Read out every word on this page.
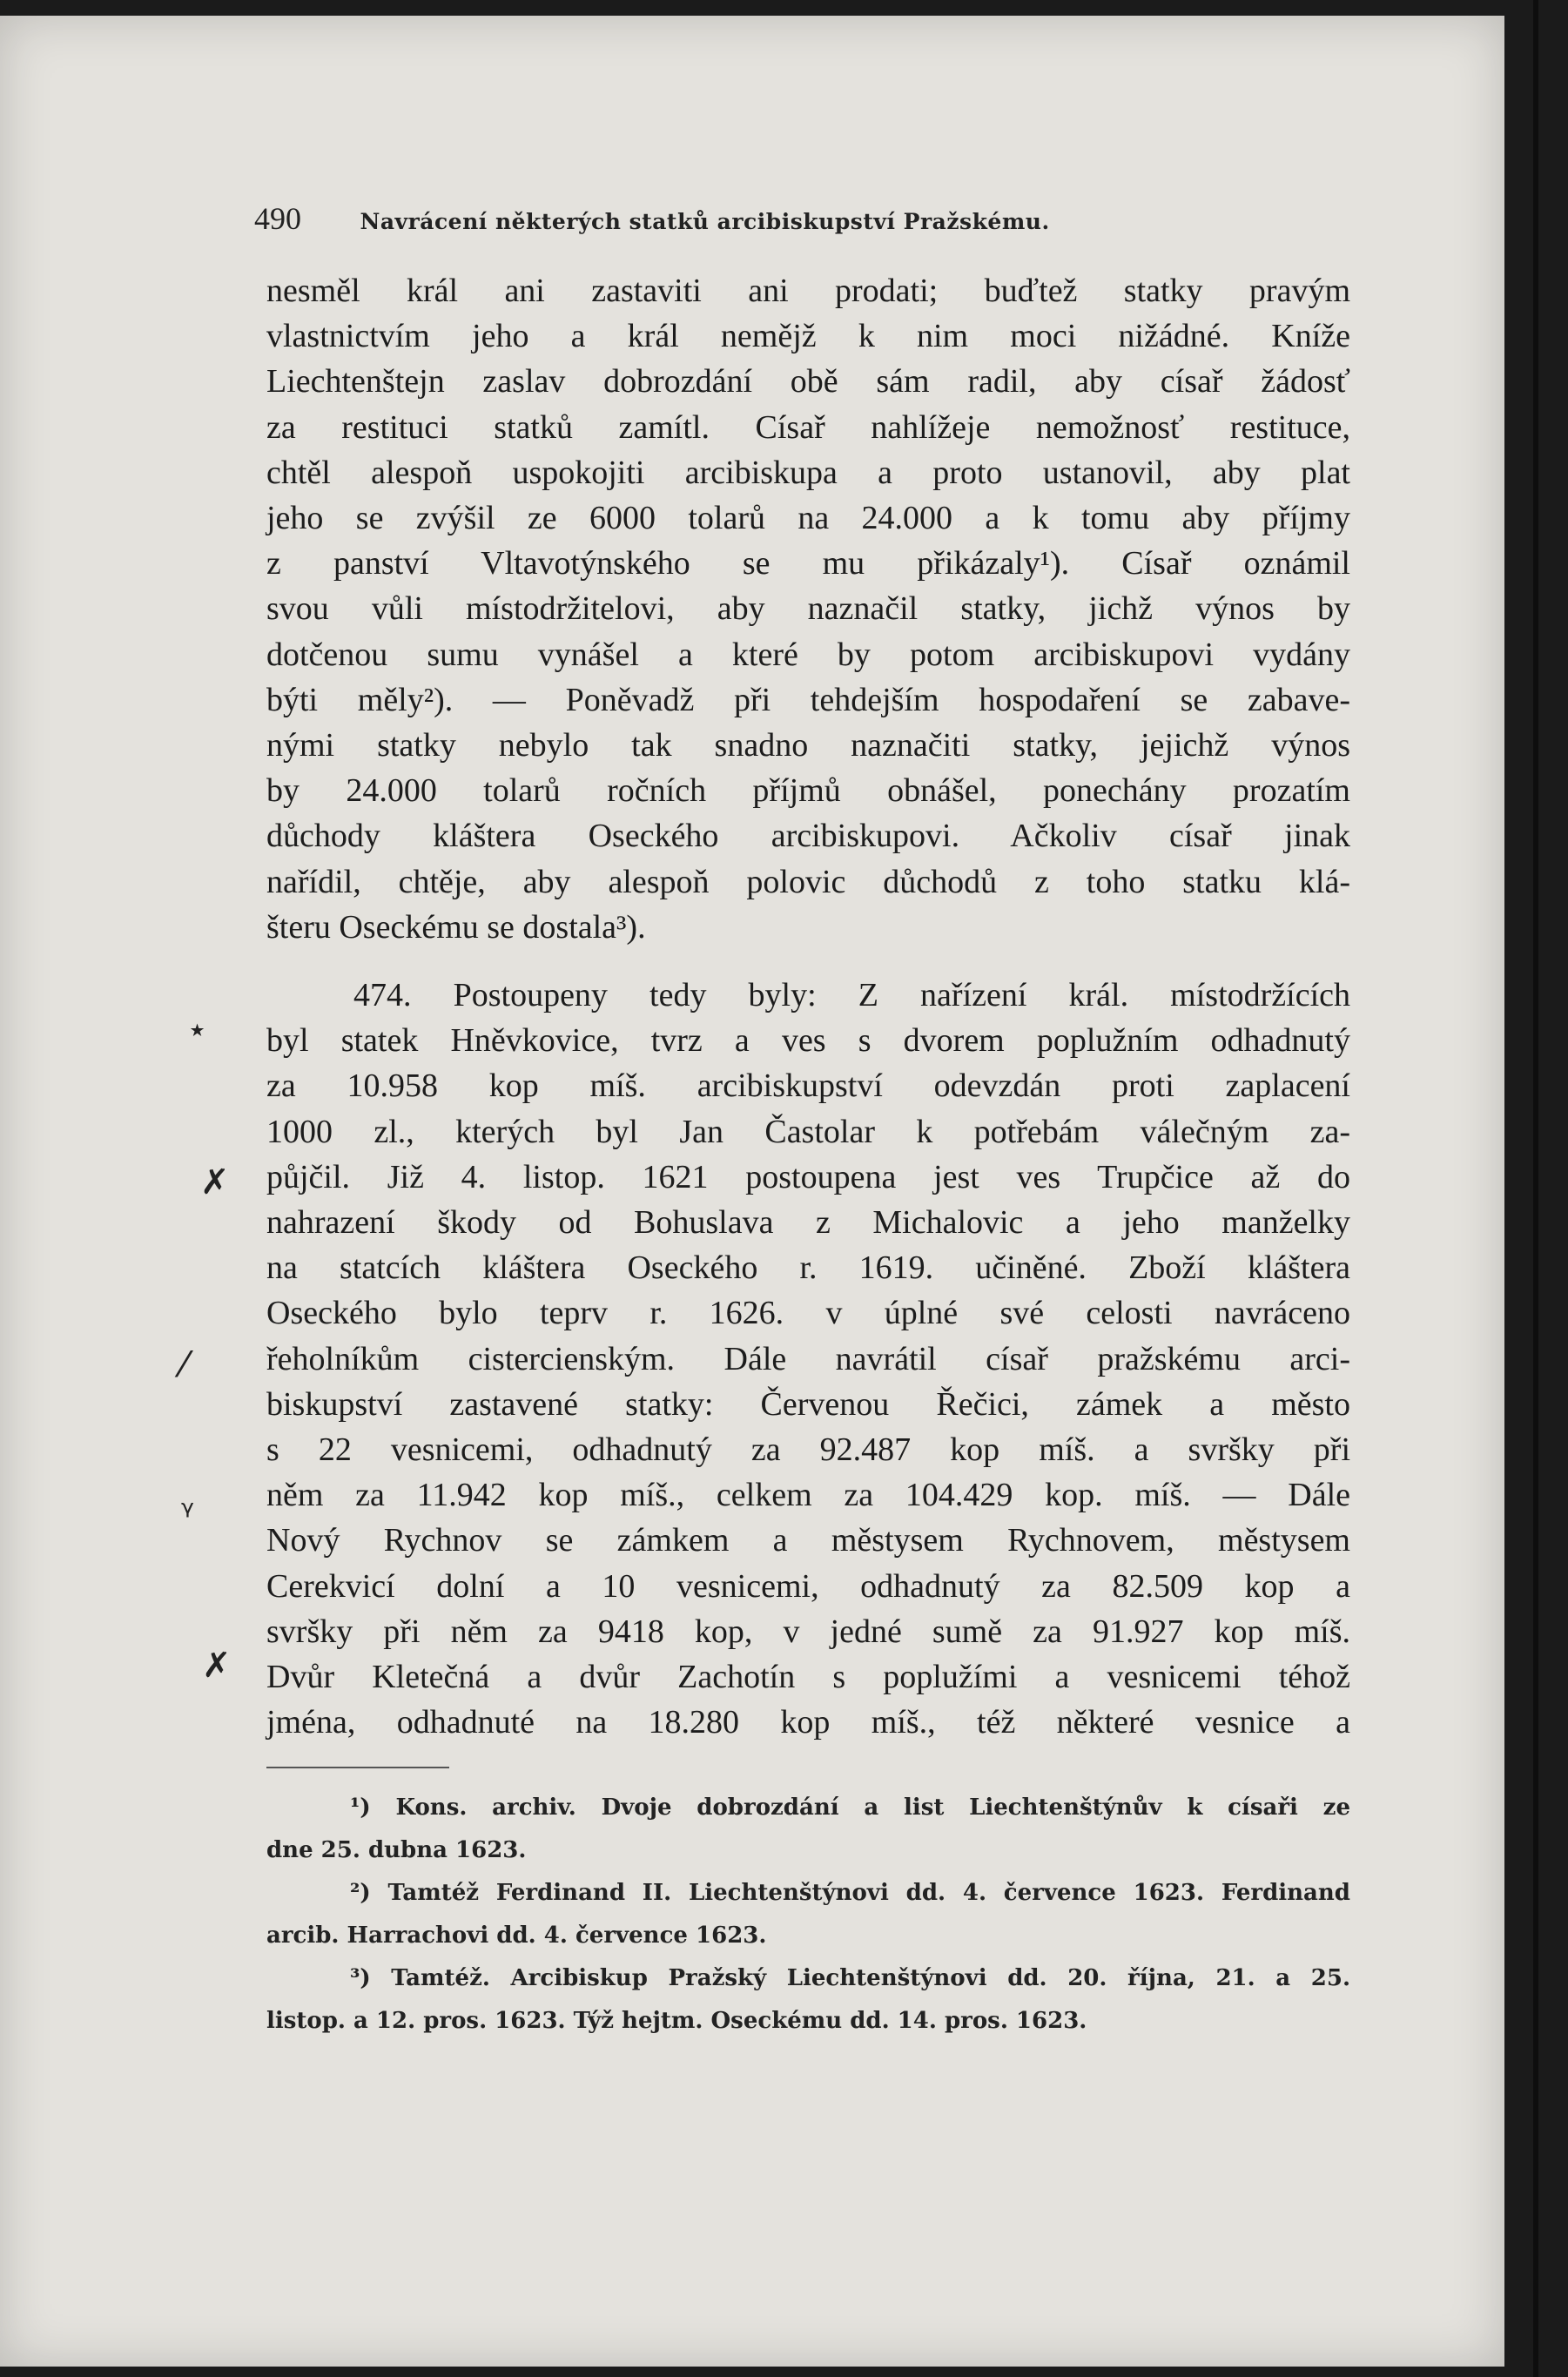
490	Navrácení některých statků arcibiskupství Pražskému.
nesměl král ani zastaviti ani prodati; buďtež statky pravým
vlastnictvím jeho a král nemějž k nim moci nižádné. Kníže
Liechtenštejn zaslav dobrozdání obě sám radil, aby císař žádosť
za restituci statků zamítl. Císař nahlížeje nemožnosť restituce,
chtěl alespoň uspokojiti arcibiskupa a proto ustanovil, aby plat
jeho se zvýšil ze 6000 tolarů na 24.000 a k tomu aby příjmy
z panství Vltavotýnského se mu přikázaly¹). Císař oznámil
svou vůli místodržitelovi, aby naznačil statky, jichž výnos by
dotčenou sumu vynášel a které by potom arcibiskupovi vydány
býti měly²). — Poněvadž při tehdejším hospodaření se zabave-
nými statky nebylo tak snadno naznačiti statky, jejichž výnos
by 24.000 tolarů ročních příjmů obnášel, ponechány prozatím
důchody kláštera Oseckého arcibiskupovi. Ačkoliv císař jinak
nařídil, chtěje, aby alespoň polovic důchodů z toho statku klá-
šteru Oseckému se dostala³).
474. Postoupeny tedy byly: Z nařízení král. místodržících
byl statek Hněvkovice, tvrz a ves s dvorem poplužním odhadnutý
za 10.958 kop míš. arcibiskupství odevzdán proti zaplacení
1000 zl., kterých byl Jan Častolar k potřebám válečným za-
půjčil. Již 4. listop. 1621 postoupena jest ves Trupčice až do
nahrazení škody od Bohuslava z Michalovic a jeho manželky
na statcích kláštera Oseckého r. 1619. učiněné. Zboží kláštera
Oseckého bylo teprv r. 1626. v úplné své celosti navráceno
řeholníkům cisterciensk‎ým. Dále navrátil císař pražskému arci-
biskupství zastavené statky: Červenou Řečici, zámek a město
s 22 vesnicemi, odhadnutý za 92.487 kop míš. a svršky při
něm za 11.942 kop míš., celkem za 104.429 kop. míš. — Dále
Nový Rychnov se zámkem a městysem Rychnovem, městysem
Cerekvicí dolní a 10 vesnicemi, odhadnutý za 82.509 kop a
svršky při něm za 9418 kop, v jedné sumě za 91.927 kop míš.
Dvůr Kletečná a dvůr Zachotín s poplužími a vesnicemi téhož
jména, odhadnuté na 18.280 kop míš., též některé vesnice a
⋆
✗
⁄
ᵞ
✗
¹) Kons. archiv. Dvoje dobrozdání a list Liechtenštýnův k císaři ze
dne 25. dubna 1623.
²) Tamtéž Ferdinand II. Liechtenštýnovi dd. 4. července 1623. Ferdinand
arcib. Harrachovi dd. 4. července 1623.
³) Tamtéž. Arcibiskup Pražský Liechtenštýnovi dd. 20. října, 21. a 25.
listop. a 12. pros. 1623. Týž hejtm. Oseckému dd. 14. pros. 1623.
